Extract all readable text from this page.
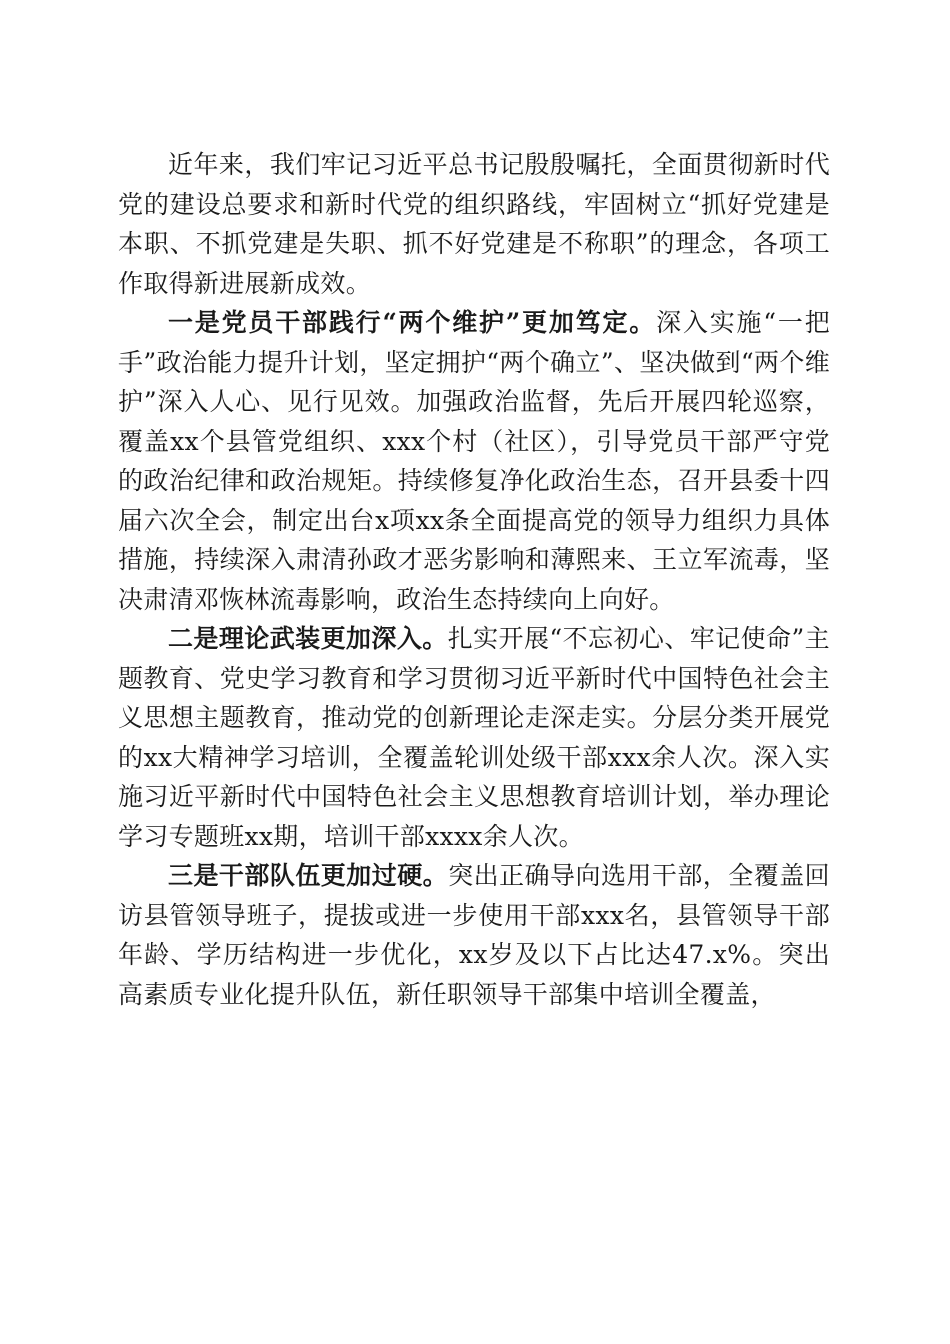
近年来，我们牢记习近平总书记殷殷嘱托，全面贯彻新时代党的建设总要求和新时代党的组织路线，牢固树立“抓好党建是本职、不抓党建是失职、抓不好党建是不称职”的理念，各项工作取得新进展新成效。

一是党员干部践行“两个维护”更加笃定。深入实施“一把手”政治能力提升计划，坚定拥护“两个确立”、坚决做到“两个维护”深入人心、见行见效。加强政治监督，先后开展四轮巡察，覆盖xx个县管党组织、xxx个村（社区），引导党员干部严守党的政治纪律和政治规矩。持续修复净化政治生态，召开县委十四届六次全会，制定出台x项xx条全面提高党的领导力组织力具体措施，持续深入肃清孙政才恶劣影响和薄熙来、王立军流毒，坚决肃清邓恢林流毒影响，政治生态持续向上向好。

二是理论武装更加深入。扎实开展“不忘初心、牢记使命”主题教育、党史学习教育和学习贯彻习近平新时代中国特色社会主义思想主题教育，推动党的创新理论走深走实。分层分类开展党的xx大精神学习培训，全覆盖轮训处级干部xxx余人次。深入实施习近平新时代中国特色社会主义思想教育培训计划，举办理论学习专题班xx期，培训干部xxxx余人次。

三是干部队伍更加过硬。突出正确导向选用干部，全覆盖回访县管领导班子，提拔或进一步使用干部xxx名，县管领导干部年龄、学历结构进一步优化，xx岁及以下占比达47.x%。突出高素质专业化提升队伍，新任职领导干部集中培训全覆盖，
